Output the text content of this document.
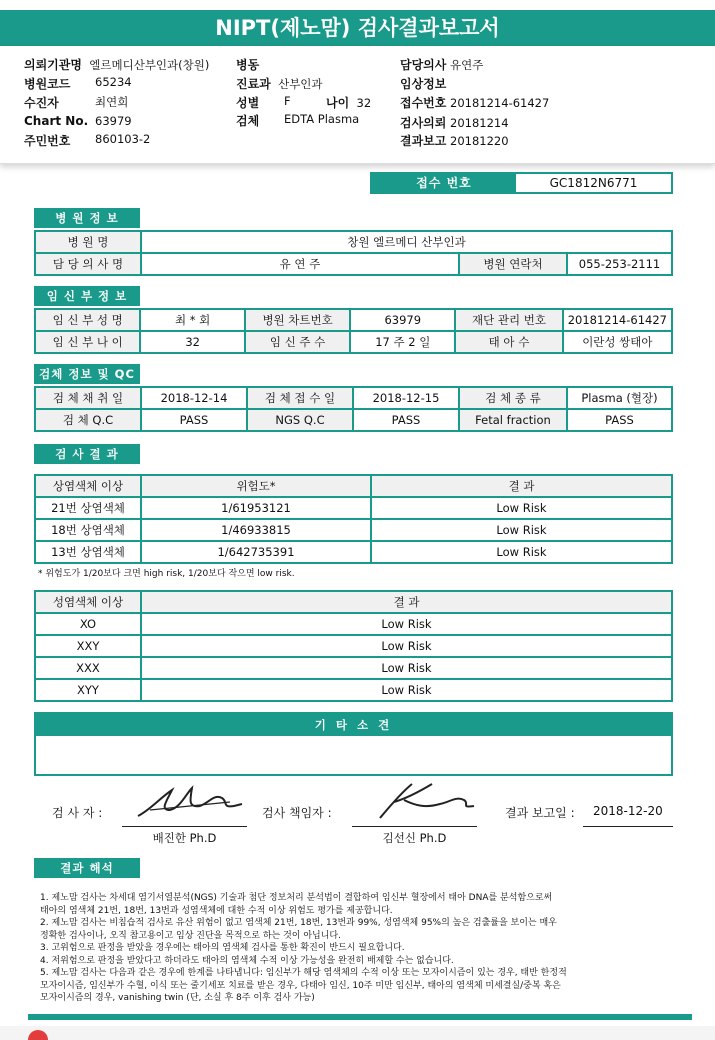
NIPT(제노맘) 검사결과보고서
의뢰기관명 엘르메디산부인과(창원)
병원코드 65234
수진자	최연희
Chart No. 63979
주민번호 860103-2
병동
진료과 산부인과
성별 F	나이 32
검체 EDTA Plasma
담당의사 유연주
임상정보
접수번호 20181214-61427
검사의뢰 20181214
결과보고 20181220
접수 번호	GC1812N6771
병 원 정 보
병 원 명	창원 엘르메디 산부인과		
담 당 의 사 명	유 연 주	병원 연락처	055-253-2111
임 신 부 정 보
임 신 부 성 명	최 * 회	병원 차트번호	63979	재단 관리 번호	20181214-61427
임 신 부 나 이	32	임 신 주 수	17 주 2 일	태 아 수	이란성 쌍태아
검체 정보 및 QC
검 체 채 취 일	2018-12-14	검 체 접 수 일	2018-12-15	검 체 종 류	Plasma (혈장)
검 체 Q.C	PASS	NGS Q.C	PASS	Fetal fraction	PASS
검 사 결 과
상염색체 이상	위험도*	결 과
21번 상염색체	1/61953121	Low Risk
18번 상염색체	1/46933815	Low Risk
13번 상염색체	1/642735391	Low Risk
* 위험도가 1/20보다 크면 high risk, 1/20보다 작으면 low risk.
성염색체 이상	결 과
XO	Low Risk
XXY	Low Risk
XXX	Low Risk
XYY	Low Risk
기 타 소 견
검 사 자 :
배진한 Ph.D
검사 책임자 :
김선신 Ph.D
결과 보고일 : 2018-12-20
결과 해석
1. 제노맘 검사는 차세대 염기서열분석(NGS) 기술과 첨단 정보처리 분석법이 결합하여 임신부 혈장에서 태아 DNA를 분석함으로써
태아의 염색체 21번, 18번, 13번과 성염색체에 대한 수적 이상 위험도 평가를 제공합니다.
2. 제노맘 검사는 비침습적 검사로 유산 위험이 없고 염색체 21번, 18번, 13번과 99%, 성염색체 95%의 높은 검출률을 보이는 매우
정확한 검사이나, 오직 참고용이고 임상 진단을 목적으로 하는 것이 아닙니다.
3. 고위험으로 판정을 받았을 경우에는 태아의 염색체 검사를 통한 확진이 반드시 필요합니다.
4. 저위험으로 판정을 받았다고 하더라도 태아의 염색체 수적 이상 가능성을 완전히 배제할 수는 없습니다.
5. 제노맘 검사는 다음과 같은 경우에 한계를 나타냅니다: 임신부가 해당 염색체의 수적 이상 또는 모자이시즘이 있는 경우, 태반 한정적
모자이시즘, 임신부가 수혈, 이식 또는 줄기세포 치료를 받은 경우, 다태아 임신, 10주 미만 임신부, 태아의 염색체 미세결실/중복 혹은
모자이시즘의 경우, vanishing twin (단, 소실 후 8주 이후 검사 가능)
